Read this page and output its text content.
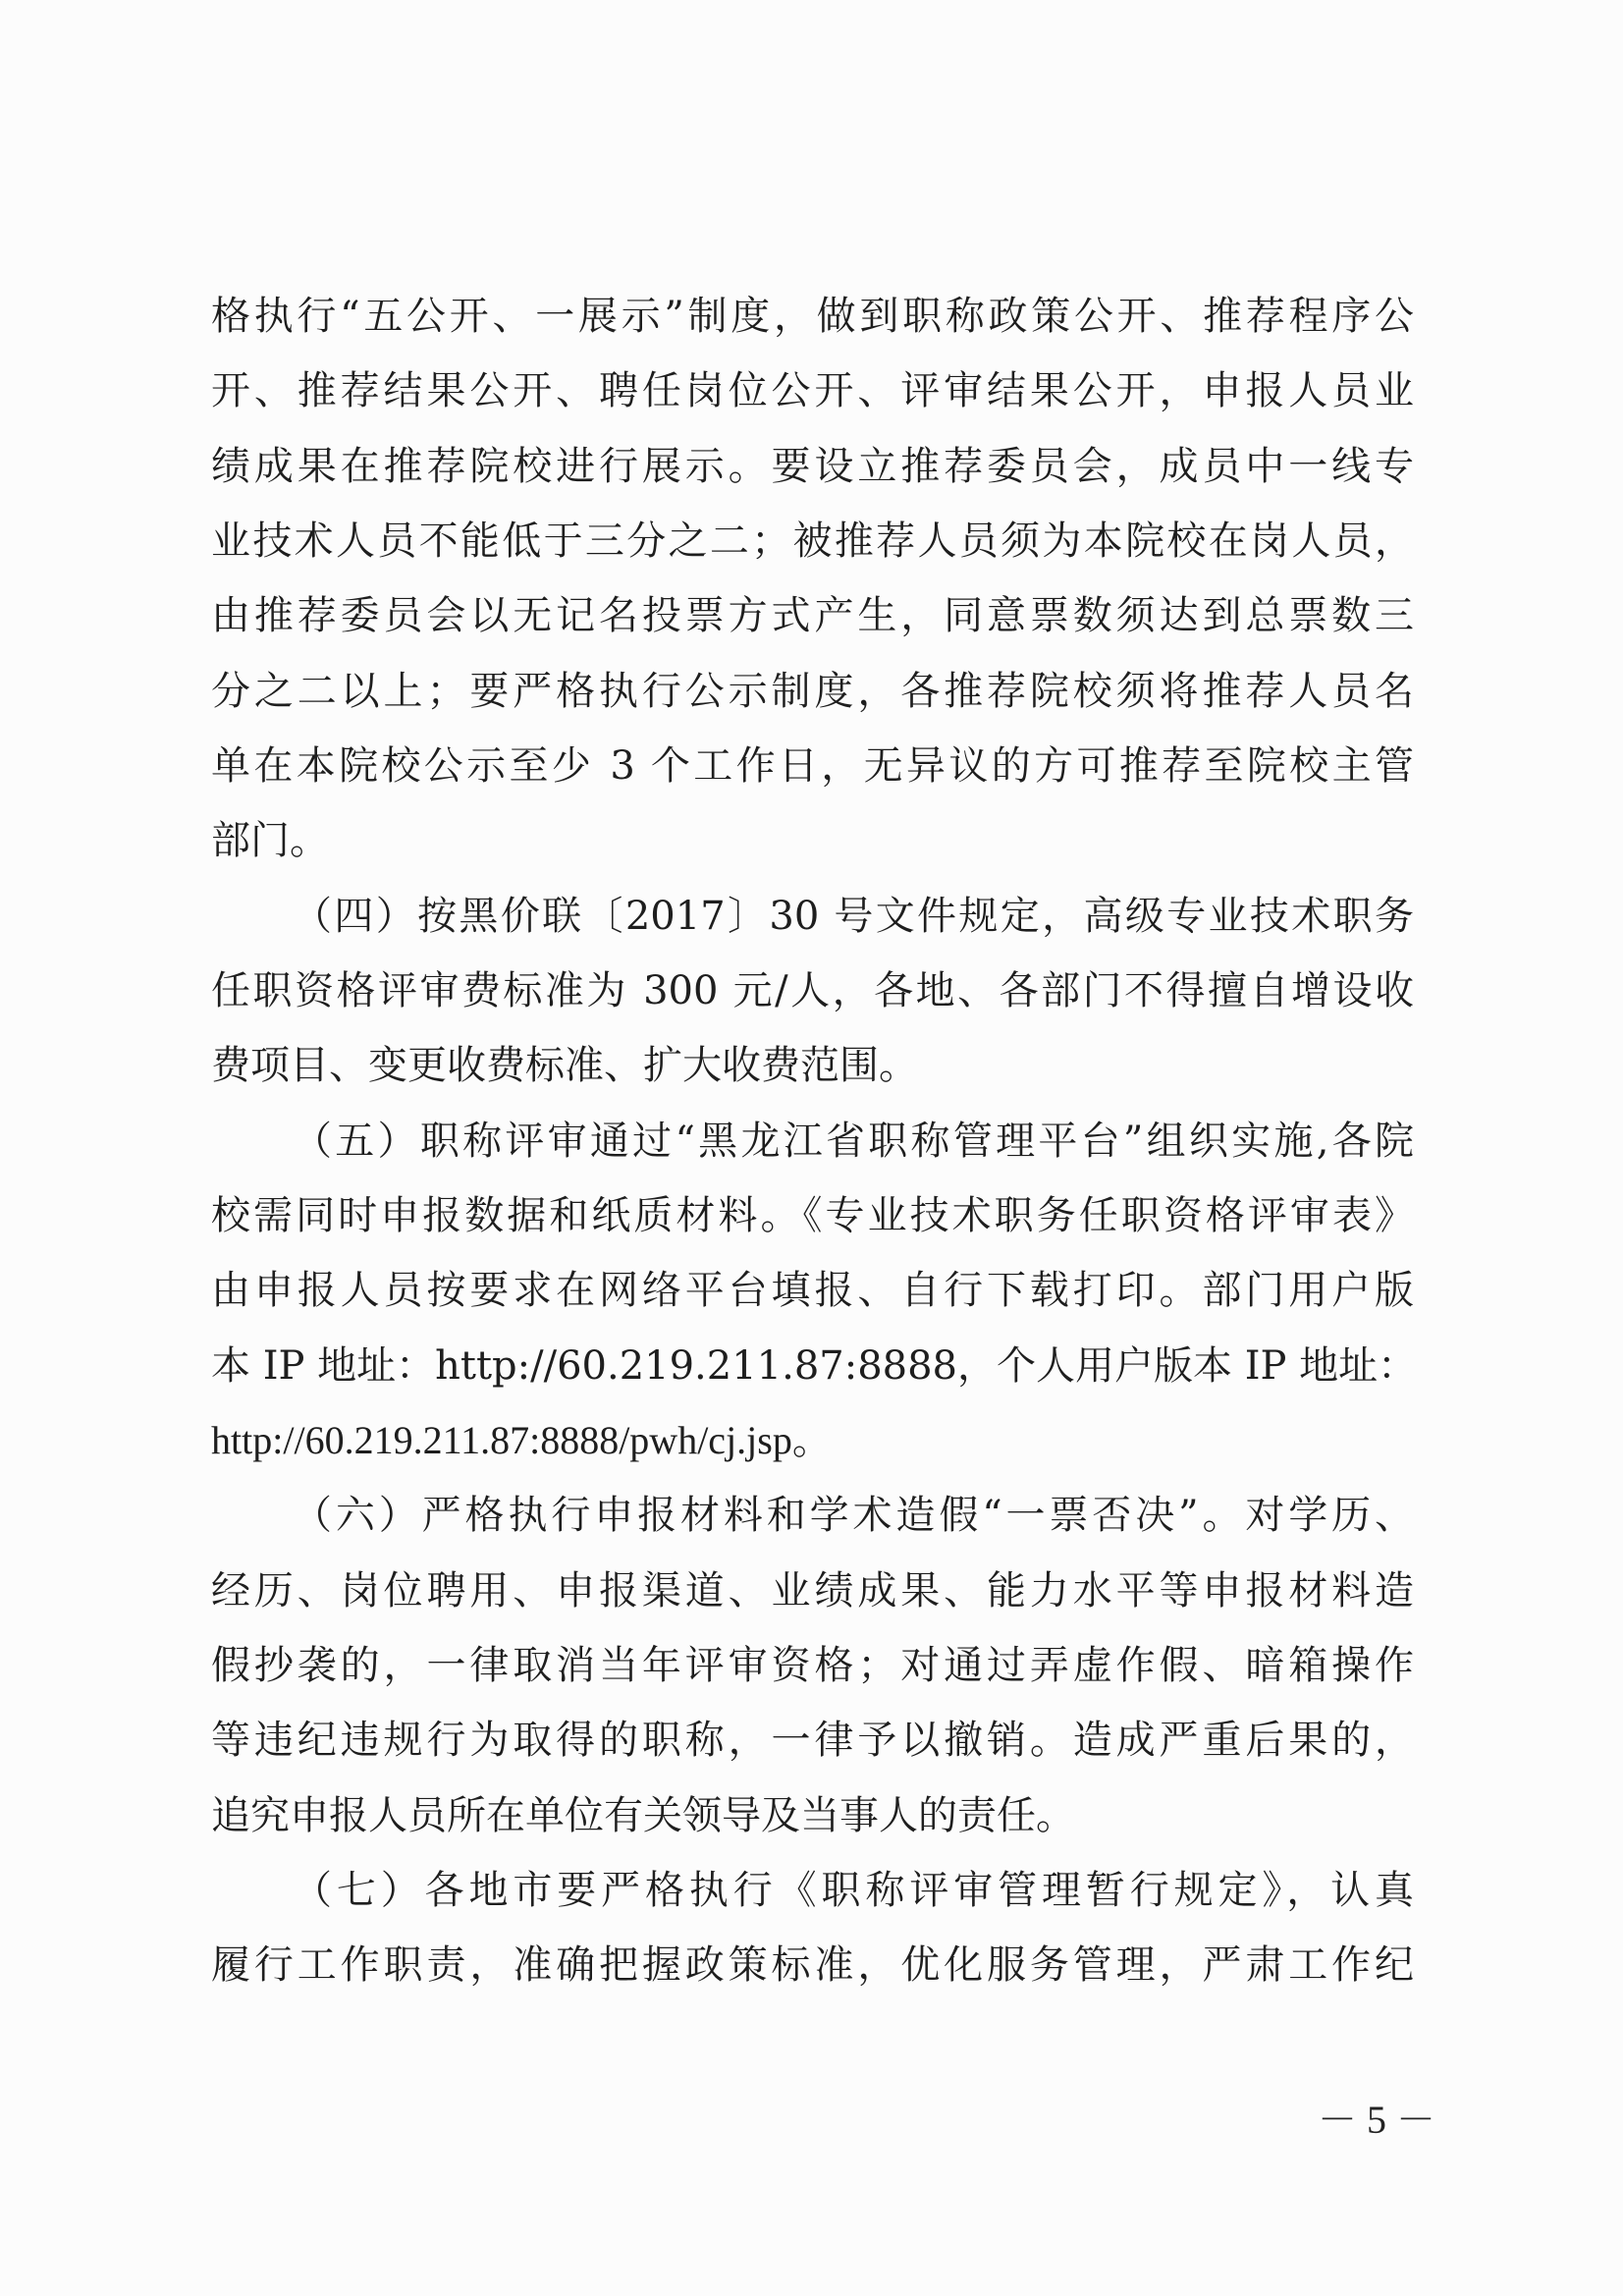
格执行“五公开、一展示”制度，做到职称政策公开、推荐程序公
开、推荐结果公开、聘任岗位公开、评审结果公开，申报人员业
绩成果在推荐院校进行展示。要设立推荐委员会，成员中一线专
业技术人员不能低于三分之二；被推荐人员须为本院校在岗人员，
由推荐委员会以无记名投票方式产生，同意票数须达到总票数三
分之二以上；要严格执行公示制度，各推荐院校须将推荐人员名
单在本院校公示至少 3 个工作日，无异议的方可推荐至院校主管
部门。
（四）按黑价联〔2017〕30 号文件规定，高级专业技术职务
任职资格评审费标准为 300 元/人，各地、各部门不得擅自增设收
费项目、变更收费标准、扩大收费范围。
（五）职称评审通过“黑龙江省职称管理平台”组织实施,各院
校需同时申报数据和纸质材料。《专业技术职务任职资格评审表》
由申报人员按要求在网络平台填报、自行下载打印。部门用户版
本 IP 地址：http://60.219.211.87:8888，个人用户版本 IP 地址：
http://60.219.211.87:8888/pwh/cj.jsp。
（六）严格执行申报材料和学术造假“一票否决”。对学历、
经历、岗位聘用、申报渠道、业绩成果、能力水平等申报材料造
假抄袭的，一律取消当年评审资格；对通过弄虚作假、暗箱操作
等违纪违规行为取得的职称，一律予以撤销。造成严重后果的，
追究申报人员所在单位有关领导及当事人的责任。
（七）各地市要严格执行《职称评审管理暂行规定》，认真
履行工作职责，准确把握政策标准，优化服务管理，严肃工作纪
－ 5 －
